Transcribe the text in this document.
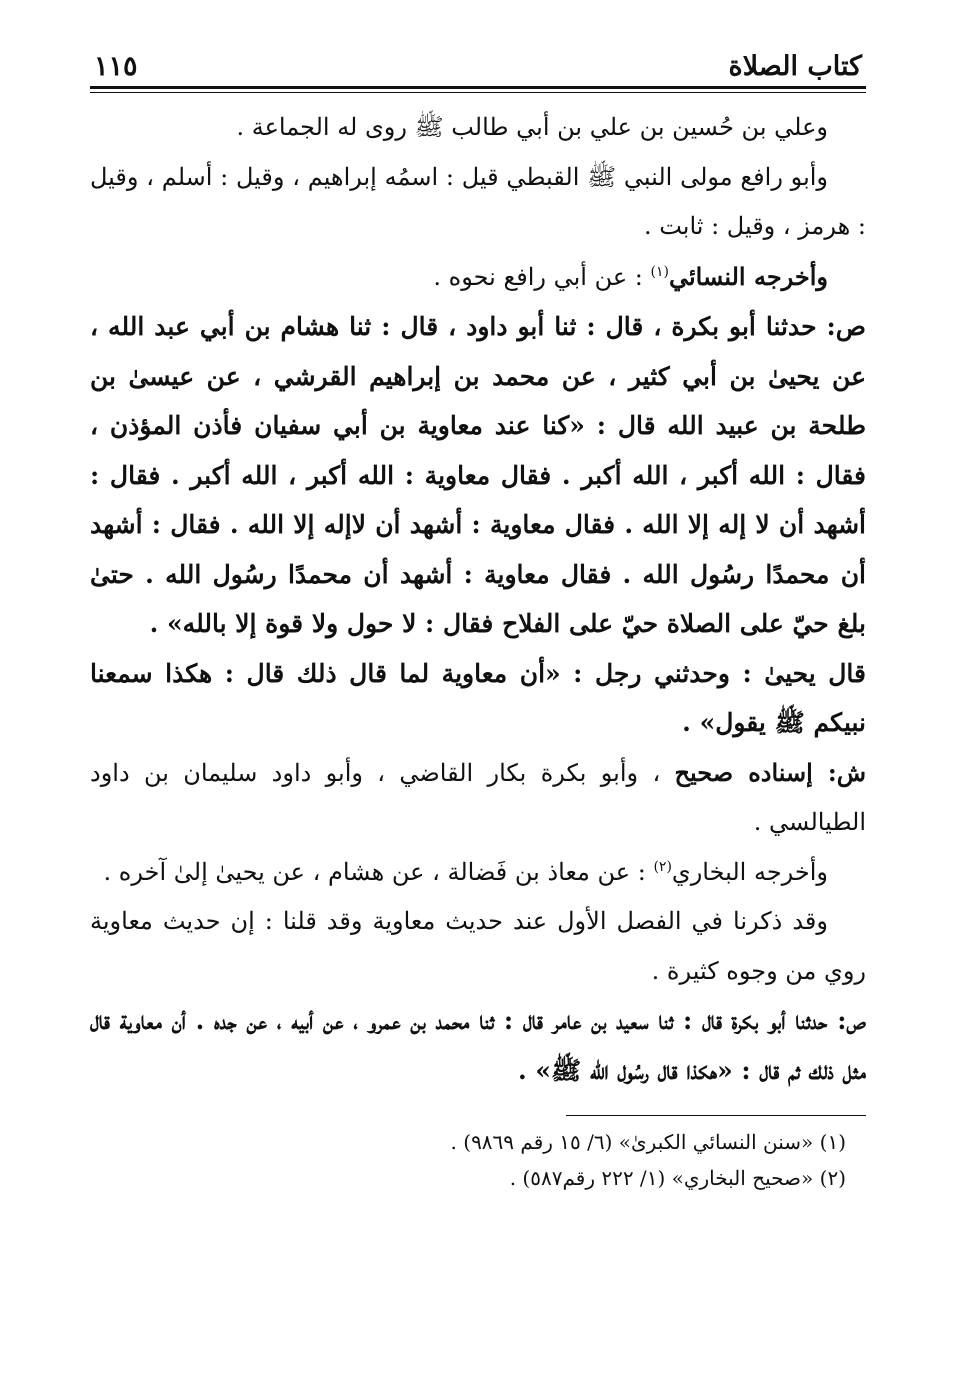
كتاب الصلاة
١١٥

وعلي بن حُسين بن علي بن أبي طالب ﷺ روى له الجماعة .

وأبو رافع مولى النبي ﷺ القبطي قيل : اسمُه إبراهيم ، وقيل : أسلم ، وقيل : هرمز ، وقيل : ثابت .

وأخرجه النسائي$^{(١)}$ : عن أبي رافع نحوه .

ص: حدثنا أبو بكرة ، قال : ثنا أبو داود ، قال : ثنا هشام بن أبي عبد الله ، عن يحيىٰ بن أبي كثير ، عن محمد بن إبراهيم القرشي ، عن عيسىٰ بن طلحة بن عبيد الله قال : «كنا عند معاوية بن أبي سفيان فأذن المؤذن ، فقال : الله أكبر ، الله أكبر . فقال معاوية : الله أكبر ، الله أكبر . فقال : أشهد أن لا إله إلا الله . فقال معاوية : أشهد أن لاإله إلا الله . فقال : أشهد أن محمدًا رسُول الله . فقال معاوية : أشهد أن محمدًا رسُول الله . حتىٰ بلغ حيّ على الصلاة حيّ على الفلاح فقال : لا حول ولا قوة إلا بالله» .

قال يحيىٰ : وحدثني رجل : «أن معاوية لما قال ذلك قال : هكذا سمعنا نبيكم ﷺ يقول» .

ش: إسناده صحيح ، وأبو بكرة بكار القاضي ، وأبو داود سليمان بن داود الطيالسي .

وأخرجه البخاري$^{(٢)}$ : عن معاذ بن فَضالة ، عن هشام ، عن يحيىٰ إلىٰ آخره .

وقد ذكرنا في الفصل الأول عند حديث معاوية وقد قلنا : إن حديث معاوية روي من وجوه كثيرة .

ص: حدثنا أبو بكرة قال : ثنا سعيد بن عامر قال : ثنا محمد بن عمرو ، عن أبيه ، عن جده . أن معاوية قال مثل ذلك ثم قال : «هكذا قال رسُول الله ﷺ» .

(١) «سنن النسائي الكبرىٰ» (٦/ ١٥ رقم ٩٨٦٩) .

(٢) «صحيح البخاري» (١/ ٢٢٢ رقم٥٨٧) .
